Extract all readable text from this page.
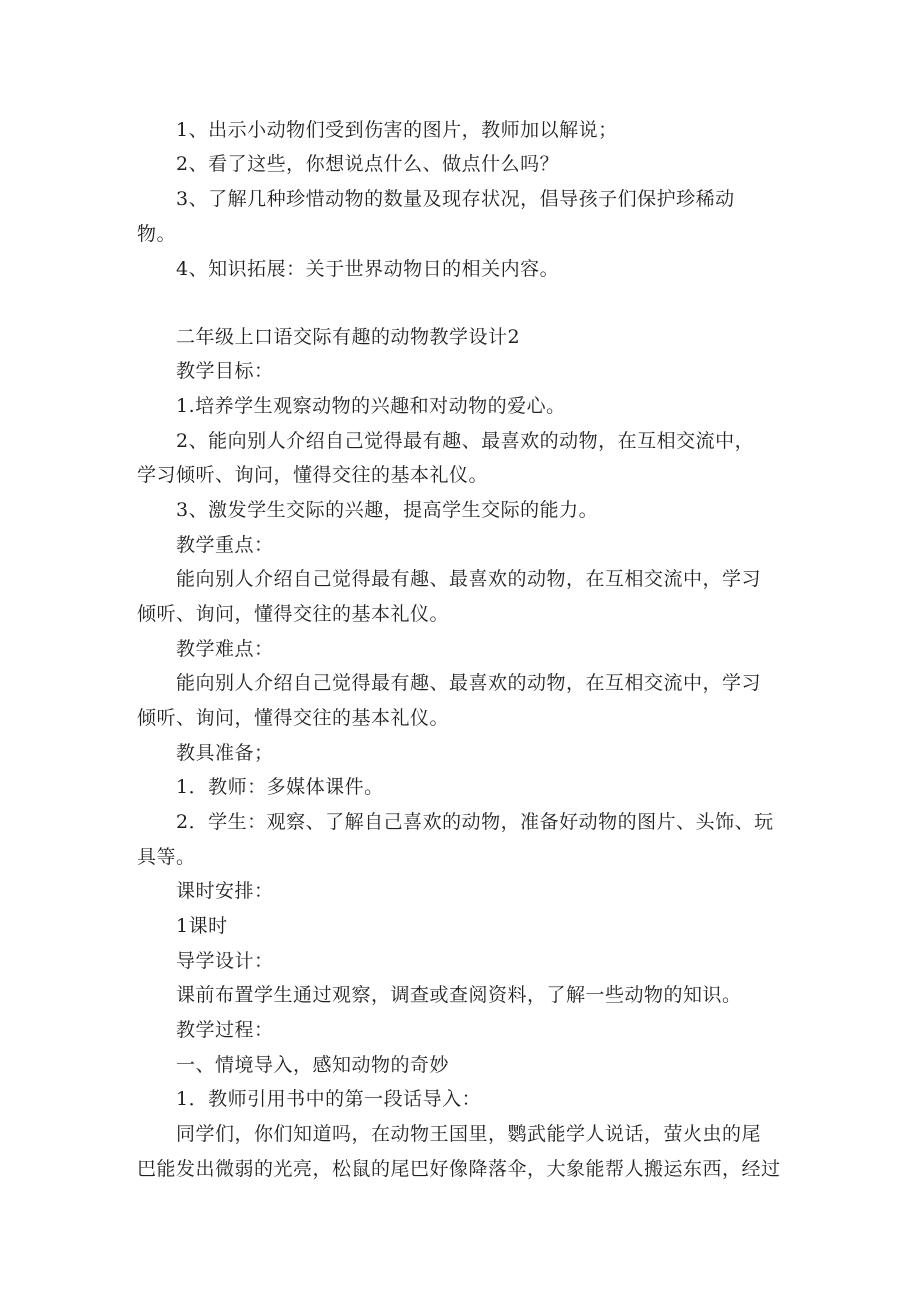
1、出示小动物们受到伤害的图片，教师加以解说；
2、看了这些，你想说点什么、做点什么吗？
3、了解几种珍惜动物的数量及现存状况，倡导孩子们保护珍稀动
物。
4、知识拓展：关于世界动物日的相关内容。
二年级上口语交际有趣的动物教学设计2
教学目标：
1.培养学生观察动物的兴趣和对动物的爱心。
2、能向别人介绍自己觉得最有趣、最喜欢的动物，在互相交流中，
学习倾听、询问，懂得交往的基本礼仪。
3、激发学生交际的兴趣，提高学生交际的能力。
教学重点：
能向别人介绍自己觉得最有趣、最喜欢的动物，在互相交流中，学习
倾听、询问，懂得交往的基本礼仪。
教学难点：
能向别人介绍自己觉得最有趣、最喜欢的动物，在互相交流中，学习
倾听、询问，懂得交往的基本礼仪。
教具准备；
1．教师：多媒体课件。
2．学生：观察、了解自己喜欢的动物，准备好动物的图片、头饰、玩
具等。
课时安排：
1课时
导学设计：
课前布置学生通过观察，调查或查阅资料，了解一些动物的知识。
教学过程：
一、情境导入，感知动物的奇妙
1．教师引用书中的第一段话导入：
同学们，你们知道吗，在动物王国里，鹦武能学人说话，萤火虫的尾
巴能发出微弱的光亮，松鼠的尾巴好像降落伞，大象能帮人搬运东西，经过
